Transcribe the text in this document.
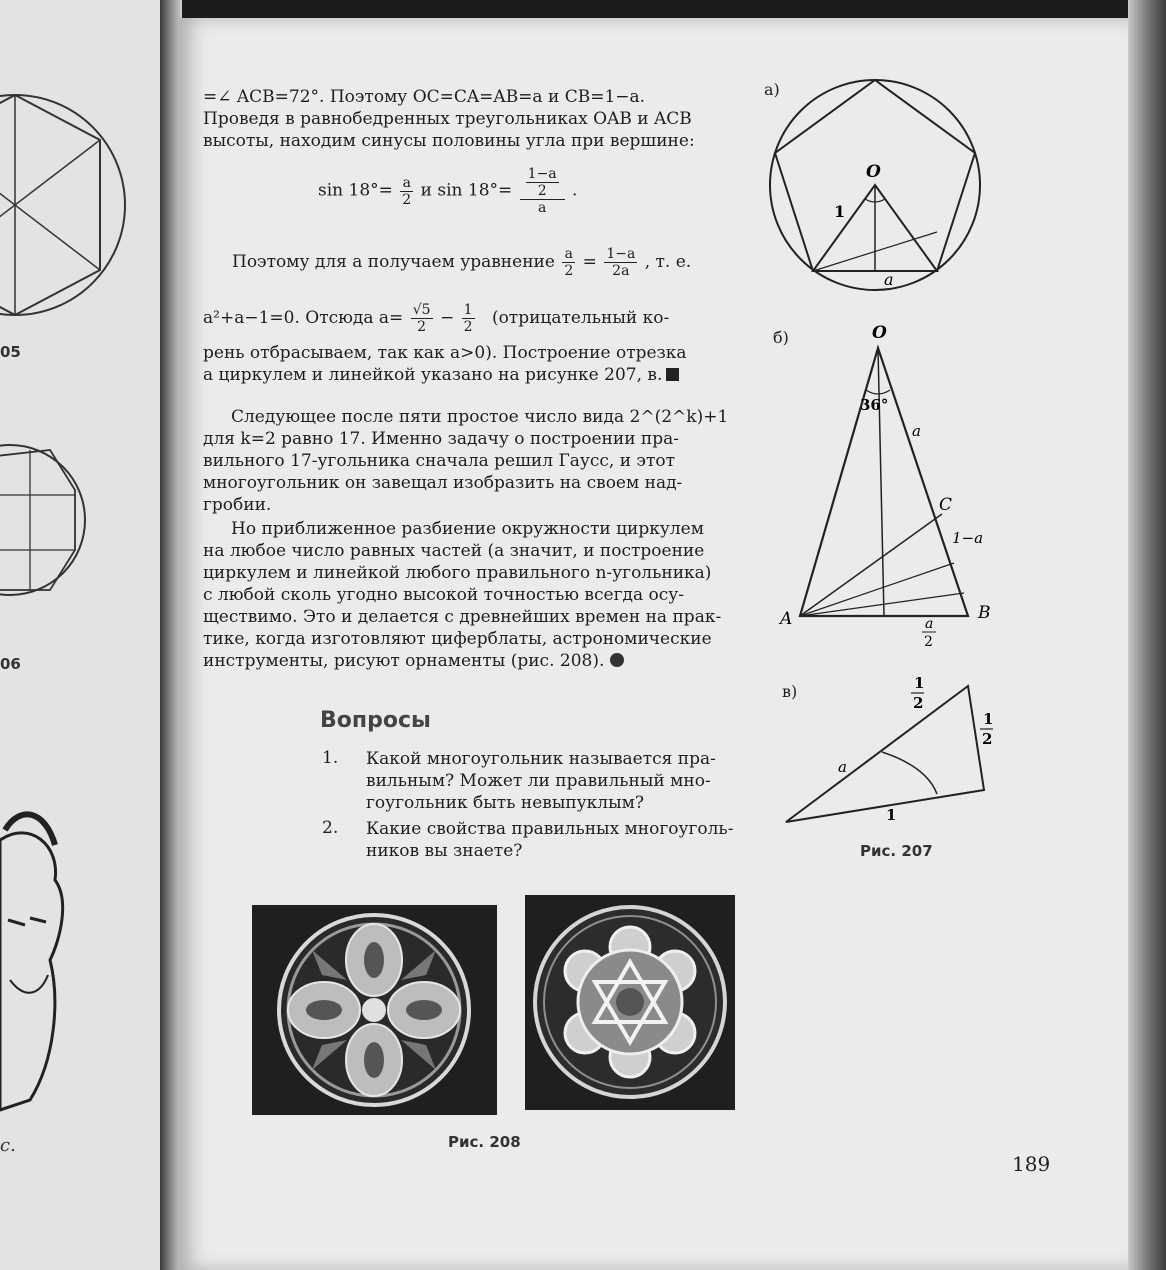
05
06
c.
=∠ ACB=72°. Поэтому OC=CA=AB=a и CB=1−a.
Проведя в равнобедренных треугольниках OAB и ACB
высоты, находим синусы половины угла при вершине:
$\sin 18^\circ= \frac{a}{2}$ и sin 18°= 1−a
2
a .
Поэтому для a получаем уравнение $\frac{a}{2} = \frac{1-a}{2a}$ , т. е.
a²+a−1=0. Отсюда $a= \frac{√5}{2} - \frac{1}{2}$ (отрицательный ко-
рень отбрасываем, так как a>0). Построение отрезка
a циркулем и линейкой указано на рисунке 207, в.
Следующее после пяти простое число вида 2^(2^k)+1
для k=2 равно 17. Именно задачу о построении пра-
вильного 17-угольника сначала решил Гаусс, и этот
многоугольник он завещал изобразить на своем над-
гробии.
Но приближенное разбиение окружности циркулем
на любое число равных частей (а значит, и построение
циркулем и линейкой любого правильного n-угольника)
с любой сколь угодно высокой точностью всегда осу-
ществимо. Это и делается с древнейших времен на прак-
тике, когда изготовляют циферблаты, астрономические
инструменты, рисуют орнаменты (рис. 208).
Вопросы
1. Какой многоугольник называется пра-
вильным? Может ли правильный мно-
гоугольник быть невыпуклым?
2. Какие свойства правильных многоуголь-
ников вы знаете?
а)
O
1
a
б)	O
36°
a
C
1−a
A	B
a
2
в)	1
2
1
2
a
1
Рис. 207
Рис. 208
189
